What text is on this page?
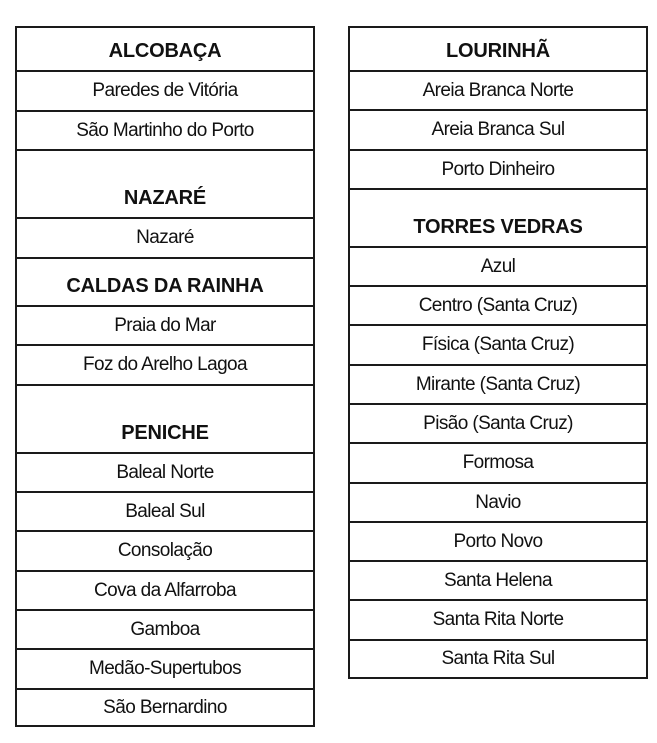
ALCOBAÇA
Paredes de Vitória
São Martinho do Porto
NAZARÉ
Nazaré
CALDAS DA RAINHA
Praia do Mar
Foz do Arelho Lagoa
PENICHE
Baleal Norte
Baleal Sul
Consolação
Cova da Alfarroba
Gamboa
Medão-Supertubos
São Bernardino
LOURINHÃ
Areia Branca Norte
Areia Branca Sul
Porto Dinheiro
TORRES VEDRAS
Azul
Centro (Santa Cruz)
Física (Santa Cruz)
Mirante (Santa Cruz)
Pisão (Santa Cruz)
Formosa
Navio
Porto Novo
Santa Helena
Santa Rita Norte
Santa Rita Sul
